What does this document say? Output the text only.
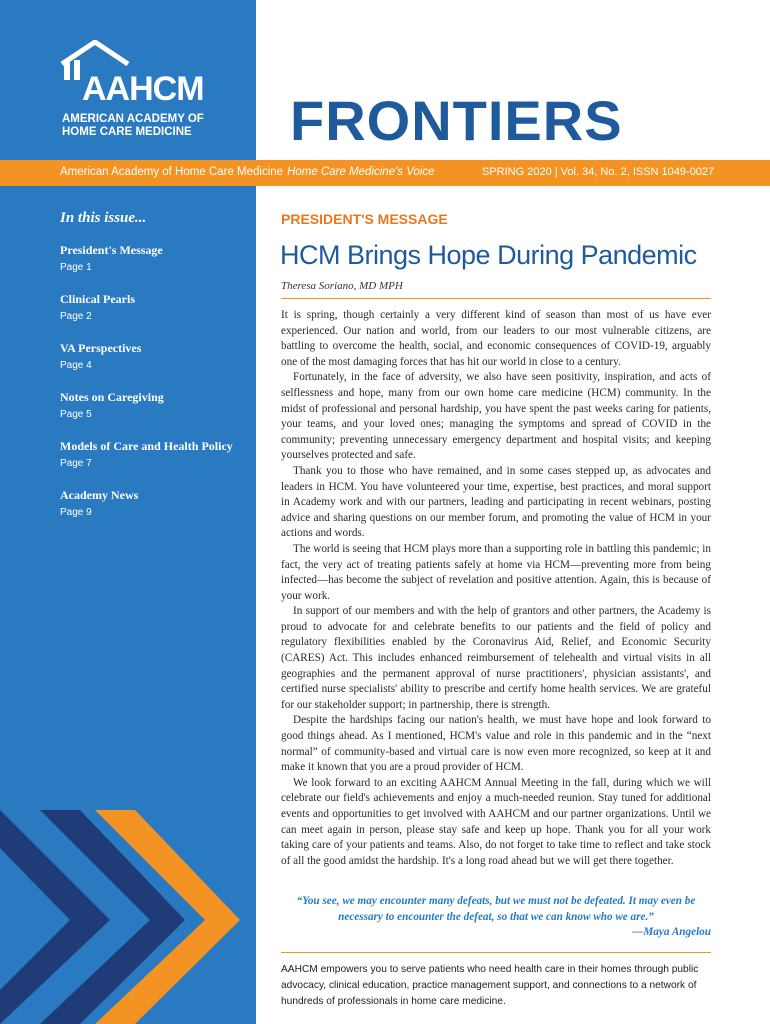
AAHCM
AMERICAN ACADEMY OF
HOME CARE MEDICINE FRONTIERS
American Academy of Home Care Medicine Home Care Medicine's Voice	SPRING 2020 | Vol. 34, No. 2, ISSN 1049-0027
In this issue...
President's Message
Page 1
Clinical Pearls
Page 2
VA Perspectives
Page 4
Notes on Caregiving
Page 5
Models of Care and Health Policy
Page 7
Academy News
Page 9
PRESIDENT'S MESSAGE
HCM Brings Hope During Pandemic
Theresa Soriano, MD MPH

It is spring, though certainly a very different kind of season than most of us have ever experienced. Our nation and world, from our leaders to our most vulnerable citizens, are battling to overcome the health, social, and economic consequences of COVID-19, arguably one of the most damaging forces that has hit our world in close to a century.

Fortunately, in the face of adversity, we also have seen positivity, inspiration, and acts of selflessness and hope, many from our own home care medicine (HCM) community. In the midst of professional and personal hardship, you have spent the past weeks caring for patients, your teams, and your loved ones; managing the symptoms and spread of COVID in the community; preventing unnecessary emergency department and hospital visits; and keeping yourselves protected and safe.

Thank you to those who have remained, and in some cases stepped up, as advocates and leaders in HCM. You have volunteered your time, expertise, best practices, and moral support in Academy work and with our partners, leading and participating in recent webinars, posting advice and sharing questions on our member forum, and promoting the value of HCM in your actions and words.

The world is seeing that HCM plays more than a supporting role in battling this pandemic; in fact, the very act of treating patients safely at home via HCM—preventing more from being infected—has become the subject of revelation and positive attention. Again, this is because of your work.

In support of our members and with the help of grantors and other partners, the Academy is proud to advocate for and celebrate benefits to our patients and the field of policy and regulatory flexibilities enabled by the Coronavirus Aid, Relief, and Economic Security (CARES) Act. This includes enhanced reimbursement of telehealth and virtual visits in all geographies and the permanent approval of nurse practitioners', physician assistants', and certified nurse specialists' ability to prescribe and certify home health services. We are grateful for our stakeholder support; in partnership, there is strength.

Despite the hardships facing our nation's health, we must have hope and look forward to good things ahead. As I mentioned, HCM's value and role in this pandemic and in the “next normal” of community-based and virtual care is now even more recognized, so keep at it and make it known that you are a proud provider of HCM.

We look forward to an exciting AAHCM Annual Meeting in the fall, during which we will celebrate our field's achievements and enjoy a much-needed reunion. Stay tuned for additional events and opportunities to get involved with AAHCM and our partner organizations. Until we can meet again in person, please stay safe and keep up hope. Thank you for all your work taking care of your patients and teams. Also, do not forget to take time to reflect and take stock of all the good amidst the hardship. It's a long road ahead but we will get there together.

“You see, we may encounter many defeats, but we must not be defeated. It may even be necessary to encounter the defeat, so that we can know who we are.”
—Maya Angelou
AAHCM empowers you to serve patients who need health care in their homes through public advocacy, clinical education, practice management support, and connections to a network of hundreds of professionals in home care medicine.
